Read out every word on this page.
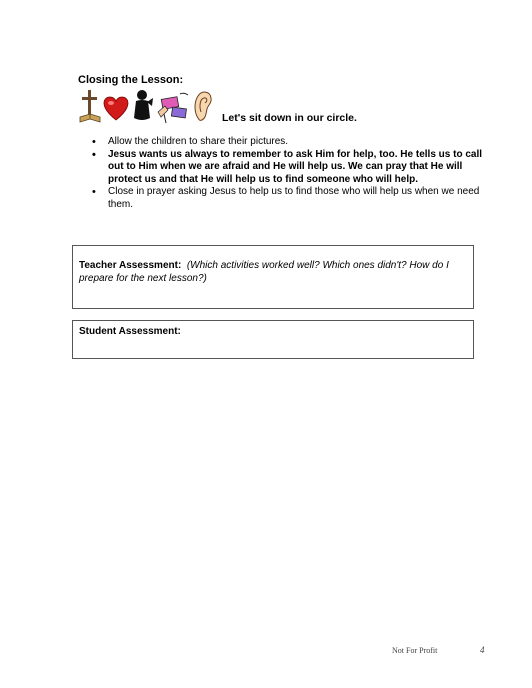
Closing the Lesson:
Let's sit down in our circle.
• Allow the children to share their pictures.
• Jesus wants us always to remember to ask Him for help, too. He tells us to call out to Him when we are afraid and He will help us. We can pray that He will protect us and that He will help us to find someone who will help.
• Close in prayer asking Jesus to help us to find those who will help us when we need them.
Teacher Assessment: (Which activities worked well? Which ones didn't? How do I prepare for the next lesson?)
Student Assessment:
Not For Profit	4
